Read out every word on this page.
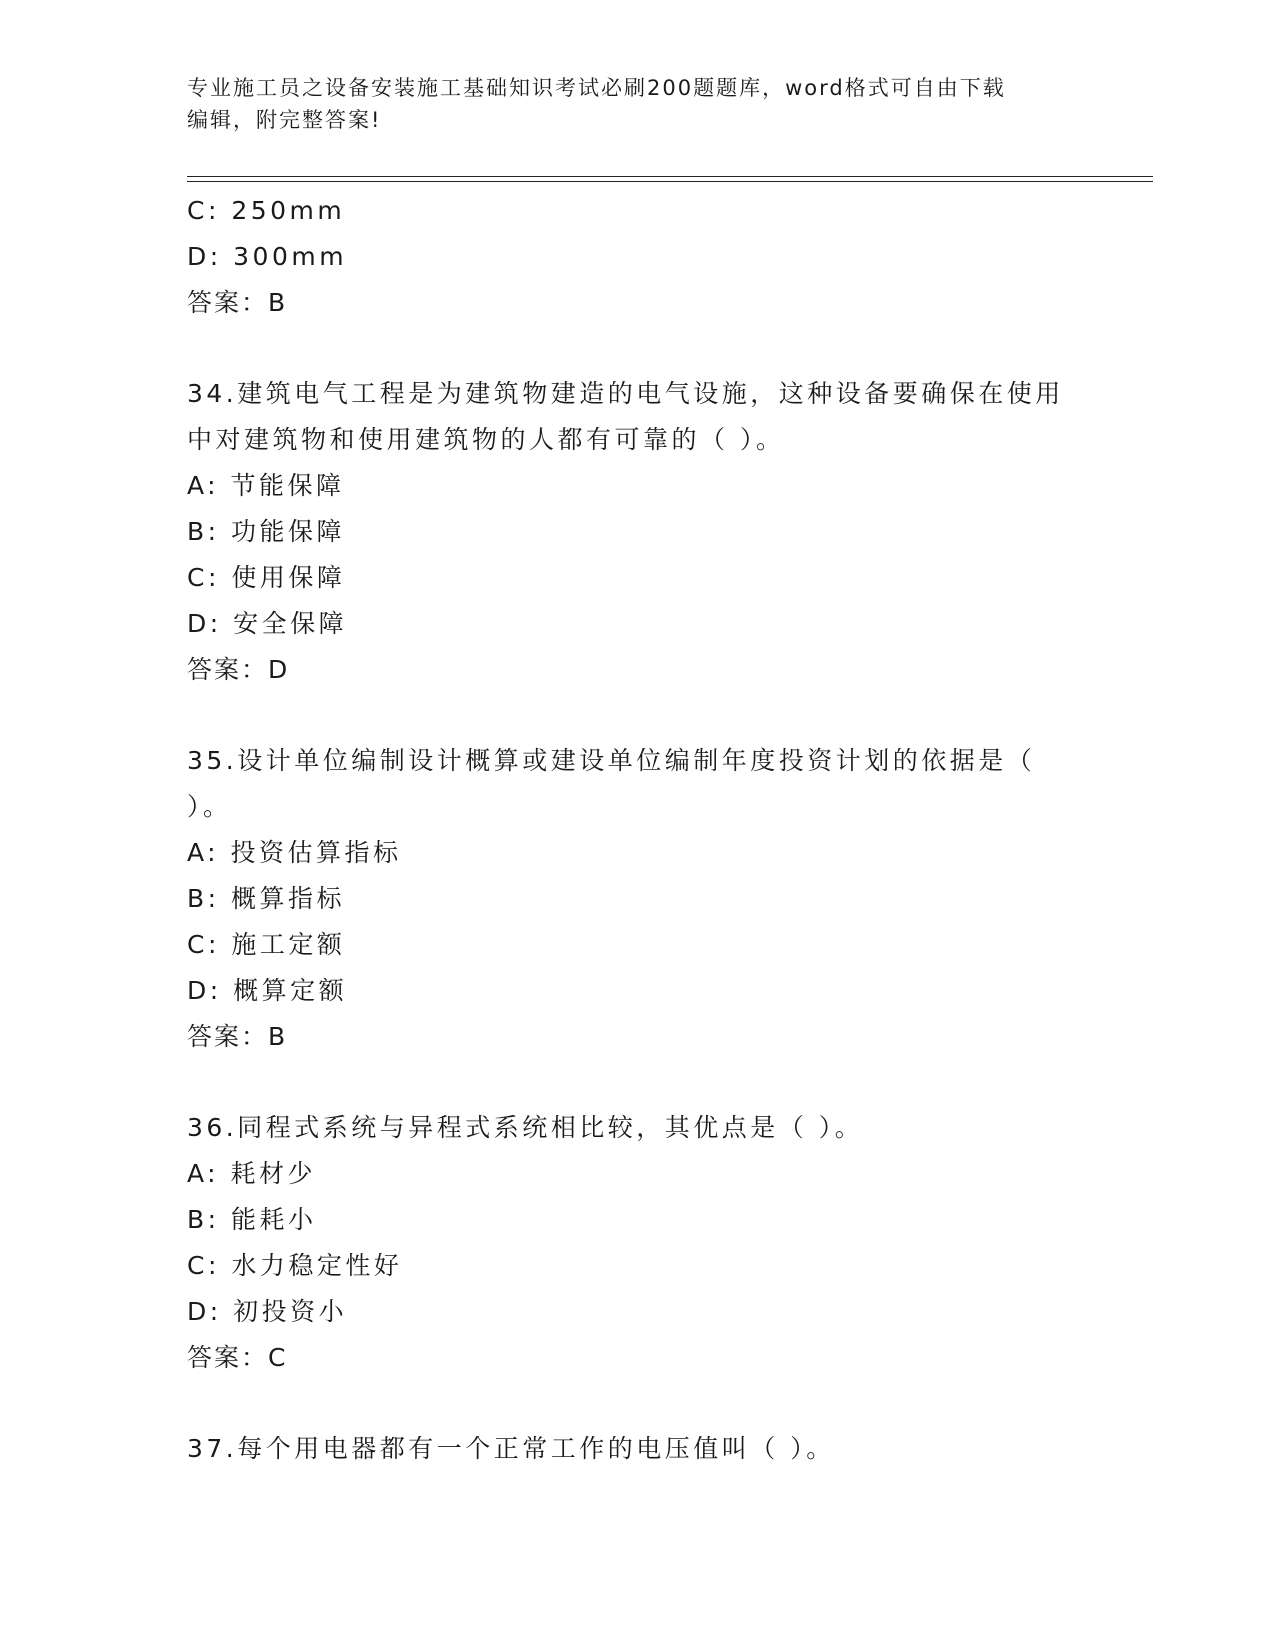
专业施工员之设备安装施工基础知识考试必刷200题题库，word格式可自由下载
编辑，附完整答案!
C: 250mm
D: 300mm
答案：B
34.建筑电气工程是为建筑物建造的电气设施，这种设备要确保在使用
中对建筑物和使用建筑物的人都有可靠的（ ）。
A: 节能保障
B: 功能保障
C: 使用保障
D: 安全保障
答案：D
35.设计单位编制设计概算或建设单位编制年度投资计划的依据是（
）。
A: 投资估算指标
B: 概算指标
C: 施工定额
D: 概算定额
答案：B
36.同程式系统与异程式系统相比较，其优点是（ ）。
A: 耗材少
B: 能耗小
C: 水力稳定性好
D: 初投资小
答案：C
37.每个用电器都有一个正常工作的电压值叫（ ）。
